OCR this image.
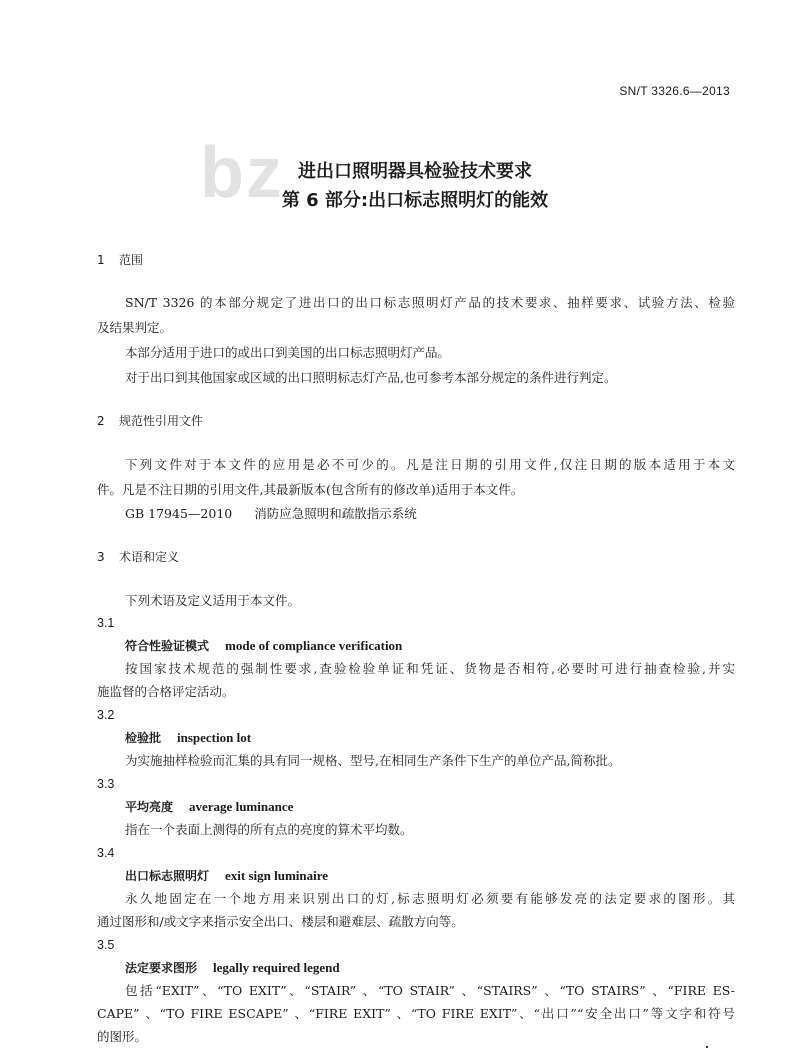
SN/T 3326.6—2013
bz 进出口照明器具检验技术要求
第 6 部分:出口标志照明灯的能效
1 范围
SN/T 3326 的本部分规定了进出口的出口标志照明灯产品的技术要求、抽样要求、试验方法、检验
及结果判定。
本部分适用于进口的或出口到美国的出口标志照明灯产品。
对于出口到其他国家或区域的出口照明标志灯产品,也可参考本部分规定的条件进行判定。
2 规范性引用文件
下列文件对于本文件的应用是必不可少的。凡是注日期的引用文件,仅注日期的版本适用于本文
件。凡是不注日期的引用文件,其最新版本(包含所有的修改单)适用于本文件。
GB 17945—2010 消防应急照明和疏散指示系统
3 术语和定义
下列术语及定义适用于本文件。
3.1
符合性验证模式 mode of compliance verification
按国家技术规范的强制性要求,查验检验单证和凭证、货物是否相符,必要时可进行抽查检验,并实
施监督的合格评定活动。
3.2
检验批 inspection lot
为实施抽样检验而汇集的具有同一规格、型号,在相同生产条件下生产的单位产品,简称批。
3.3
平均亮度 average luminance
指在一个表面上测得的所有点的亮度的算术平均数。
3.4
出口标志照明灯 exit sign luminaire
永久地固定在一个地方用来识别出口的灯,标志照明灯必须要有能够发亮的法定要求的图形。其
通过图形和/或文字来指示安全出口、楼层和避难层、疏散方向等。
3.5
法定要求图形 legally required legend
包括“EXIT”、“TO EXIT”、“STAIR” 、“TO STAIR” 、“STAIRS” 、“TO STAIRS” 、“FIRE ES-
CAPE” 、“TO FIRE ESCAPE” 、“FIRE EXIT” 、“TO FIRE EXIT”、“出口”“安全出口”等文字和符号
的图形。
